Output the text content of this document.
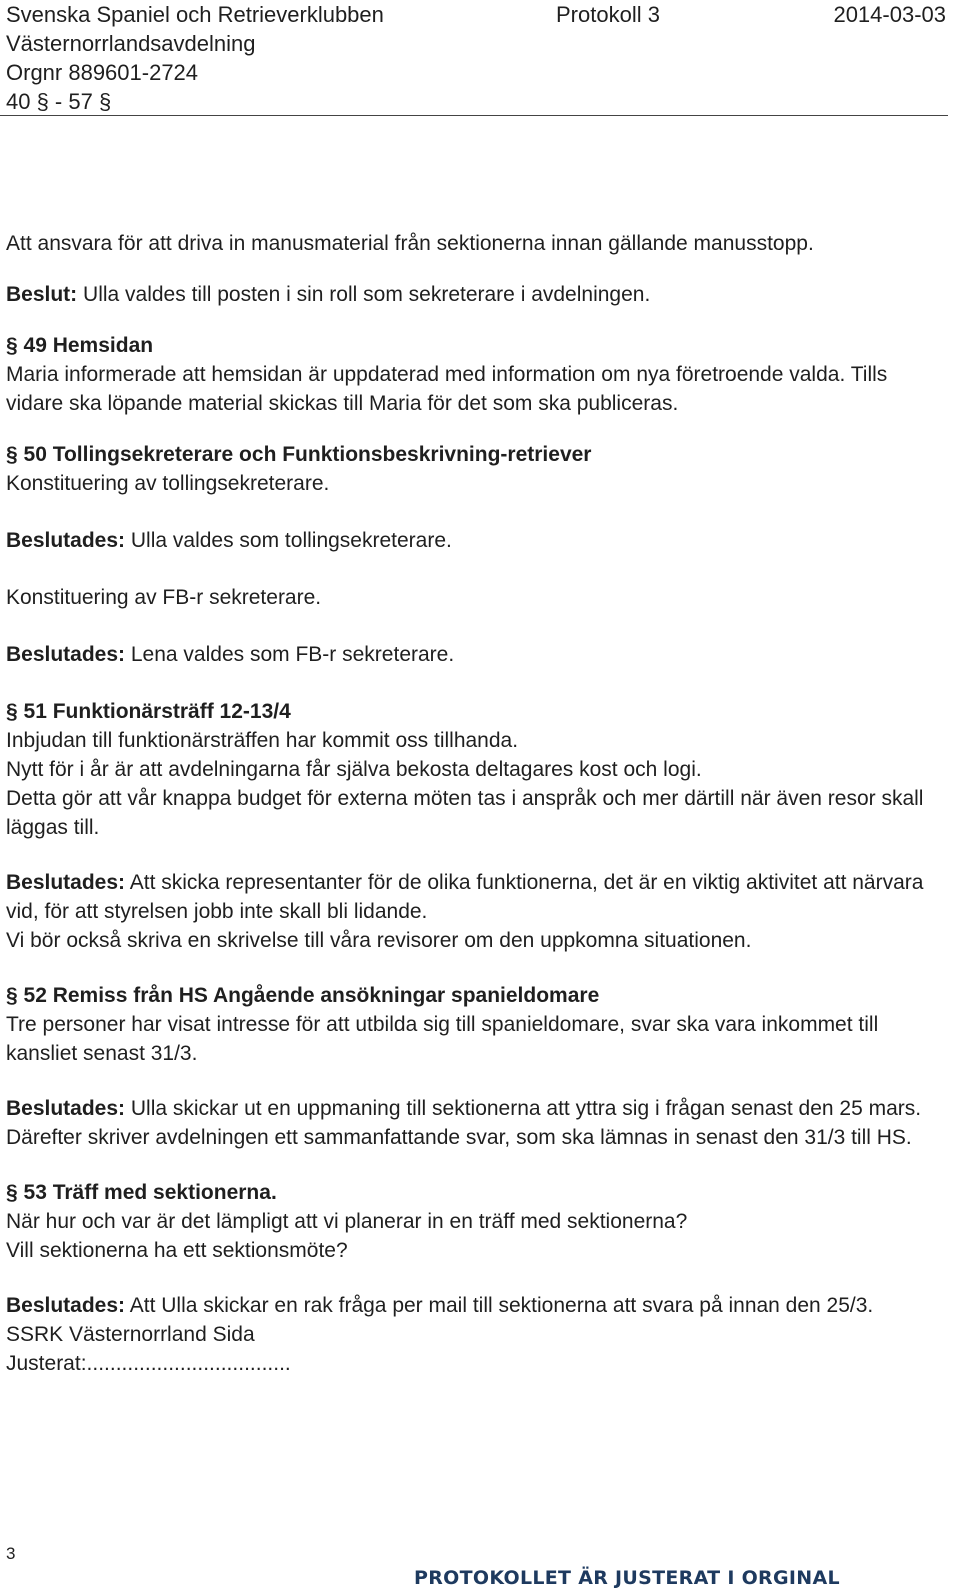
Svenska Spaniel och Retrieverklubben	Protokoll 3	2014-03-03
Västernorrlandsavdelning
Orgnr 889601-2724
40 § - 57 §

Att ansvara för att driva in manusmaterial från sektionerna innan gällande manusstopp.

Beslut: Ulla valdes till posten i sin roll som sekreterare i avdelningen.

§ 49 Hemsidan

Maria informerade att hemsidan är uppdaterad med information om nya företroende valda. Tills vidare ska löpande material skickas till Maria för det som ska publiceras.

§ 50 Tollingsekreterare och Funktionsbeskrivning-retriever

Konstituering av tollingsekreterare.

Beslutades: Ulla valdes som tollingsekreterare.

Konstituering av FB-r sekreterare.

Beslutades: Lena valdes som FB-r sekreterare.

§ 51 Funktionärsträff 12-13/4

Inbjudan till funktionärsträffen har kommit oss tillhanda.

Nytt för i år är att avdelningarna får själva bekosta deltagares kost och logi.

Detta gör att vår knappa budget för externa möten tas i anspråk och mer därtill när även resor skall läggas till.

Beslutades: Att skicka representanter för de olika funktionerna, det är en viktig aktivitet att närvara vid, för att styrelsen jobb inte skall bli lidande.

Vi bör också skriva en skrivelse till våra revisorer om den uppkomna situationen.

§ 52 Remiss från HS Angående ansökningar spanieldomare

Tre personer har visat intresse för att utbilda sig till spanieldomare, svar ska vara inkommet till kansliet senast 31/3.

Beslutades: Ulla skickar ut en uppmaning till sektionerna att yttra sig i frågan senast den 25 mars. Därefter skriver avdelningen ett sammanfattande svar, som ska lämnas in senast den 31/3 till HS.

§ 53 Träff med sektionerna.

När hur och var är det lämpligt att vi planerar in en träff med sektionerna?

Vill sektionerna ha ett sektionsmöte?

Beslutades: Att Ulla skickar en rak fråga per mail till sektionerna att svara på innan den 25/3.

SSRK Västernorrland Sida

Justerat:...................................

3
PROTOKOLLET ÄR JUSTERAT I ORGINAL
